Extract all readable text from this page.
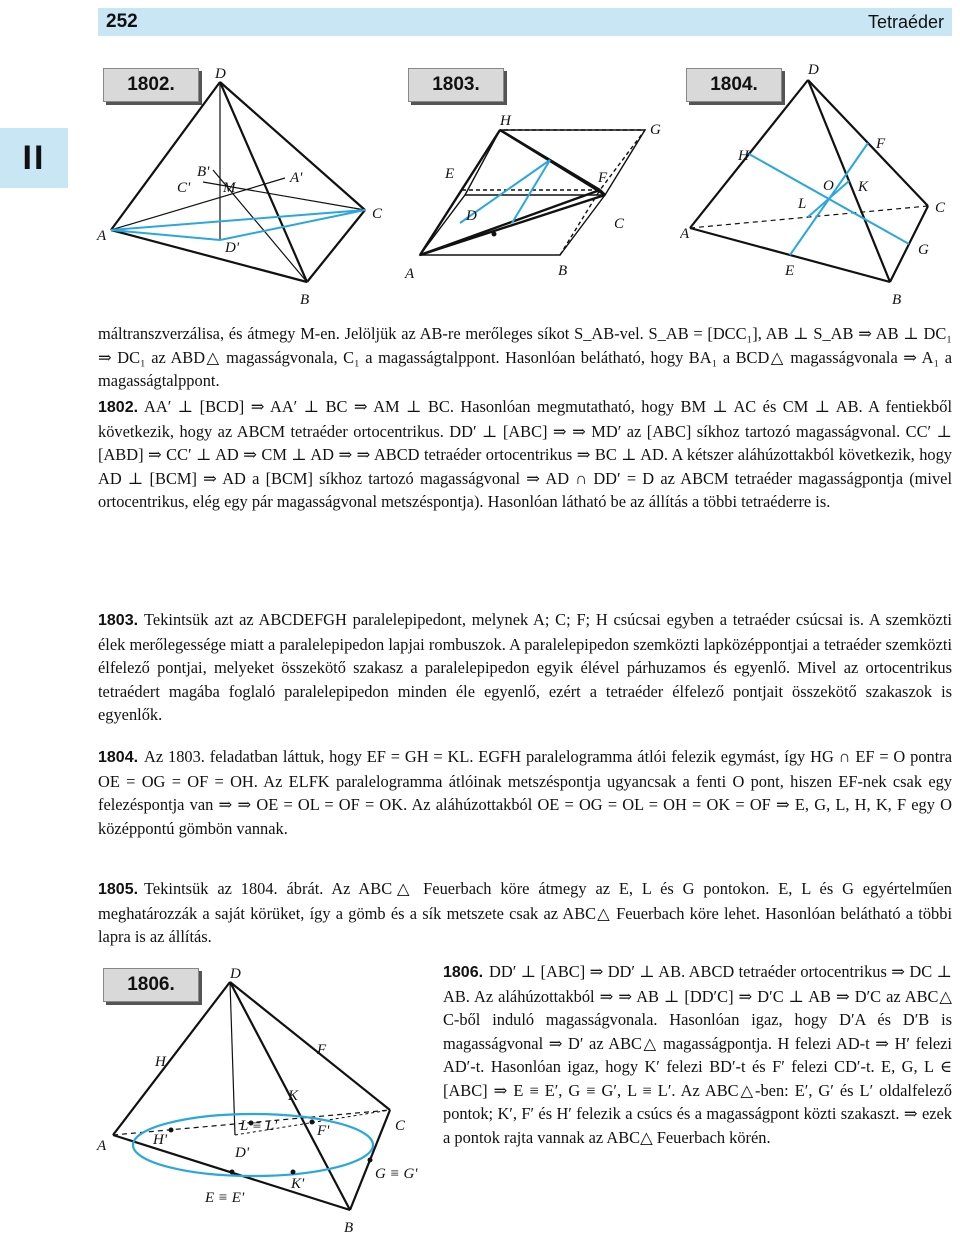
252	Tetraéder
II
1802.	D
B'
C' M
A'
A
D'
C
B
1803.
H
G
E	F
D	C
A	B
1804.
D
H
F
O K
L
A
C
G
E
B
máltranszverzálisa, és átmegy M-en. Jelöljük az AB-re merőleges síkot S_AB-vel. S_AB = [DCC₁], AB ⊥ S_AB ⇒ AB ⊥ DC₁ ⇒ DC₁ az ABD△ magasságvonala, C₁ a magasságtalppont. Hasonlóan belátható, hogy BA₁ a BCD△ magasságvonala ⇒ A₁ a magasságtalppont.
1802. AA′ ⊥ [BCD] ⇒ AA′ ⊥ BC ⇒ AM ⊥ BC. Hasonlóan megmutatható, hogy BM ⊥ AC és CM ⊥ AB. A fentiekből következik, hogy az ABCM tetraéder ortocentrikus. DD′ ⊥ [ABC] ⇒ ⇒ MD′ az [ABC] síkhoz tartozó magasságvonal. CC′ ⊥ [ABD] ⇒ CC′ ⊥ AD ⇒ CM ⊥ AD ⇒ ⇒ ABCD tetraéder ortocentrikus ⇒ BC ⊥ AD. A kétszer aláhúzottakból következik, hogy AD ⊥ [BCM] ⇒ AD a [BCM] síkhoz tartozó magasságvonal ⇒ AD ∩ DD′ = D az ABCM tetraéder magasságpontja (mivel ortocentrikus, elég egy pár magasságvonal metszéspontja). Hasonlóan látható be az állítás a többi tetraéderre is.
1803. Tekintsük azt az ABCDEFGH paralelepipedont, melynek A; C; F; H csúcsai egyben a tetraéder csúcsai is. A szemközti élek merőlegessége miatt a paralelepipedon lapjai rombuszok. A paralelepipedon szemközti lapközéppontjai a tetraéder szemközti élfelező pontjai, melyeket összekötő szakasz a paralelepipedon egyik élével párhuzamos és egyenlő. Mivel az ortocentrikus tetraédert magába foglaló paralelepipedon minden éle egyenlő, ezért a tetraéder élfelező pontjait összekötő szakaszok is egyenlők.
1804. Az 1803. feladatban láttuk, hogy EF = GH = KL. EGFH paralelogramma átlói felezik egymást, így HG ∩ EF = O pontra OE = OG = OF = OH. Az ELFK paralelogramma átlóinak metszéspontja ugyancsak a fenti O pont, hiszen EF-nek csak egy felezéspontja van ⇒ ⇒ OE = OL = OF = OK. Az aláhúzottakból OE = OG = OL = OH = OK = OF ⇒ E, G, L, H, K, F egy O középpontú gömbön vannak.
1805. Tekintsük az 1804. ábrát. Az ABC△ Feuerbach köre átmegy az E, L és G pontokon. E, L és G egyértelműen meghatározzák a saját körüket, így a gömb és a sík metszete csak az ABC△ Feuerbach köre lehet. Hasonlóan belátható a többi lapra is az állítás.
1806.	D
H
F
K
A	H'
L ≡ L'	F'
D'
C
G ≡ G'
K'
E ≡ E'
B
1806. DD′ ⊥ [ABC] ⇒ DD′ ⊥ AB. ABCD tetraéder ortocentrikus ⇒ DC ⊥ AB. Az aláhúzottakból ⇒ ⇒ AB ⊥ [DD′C] ⇒ D′C ⊥ AB ⇒ D′C az ABC△ C-ből induló magasságvonala. Hasonlóan igaz, hogy D′A és D′B is magasságvonal ⇒ D′ az ABC△ magasságpontja. H felezi AD-t ⇒ H′ felezi AD′-t. Hasonlóan igaz, hogy K′ felezi BD′-t és F′ felezi CD′-t. E, G, L ∈ [ABC] ⇒ E ≡ E′, G ≡ G′, L ≡ L′. Az ABC△-ben: E′, G′ és L′ oldalfelező pontok; K′, F′ és H′ felezik a csúcs és a magasságpont közti szakaszt. ⇒ ezek a pontok rajta vannak az ABC△ Feuerbach körén.
